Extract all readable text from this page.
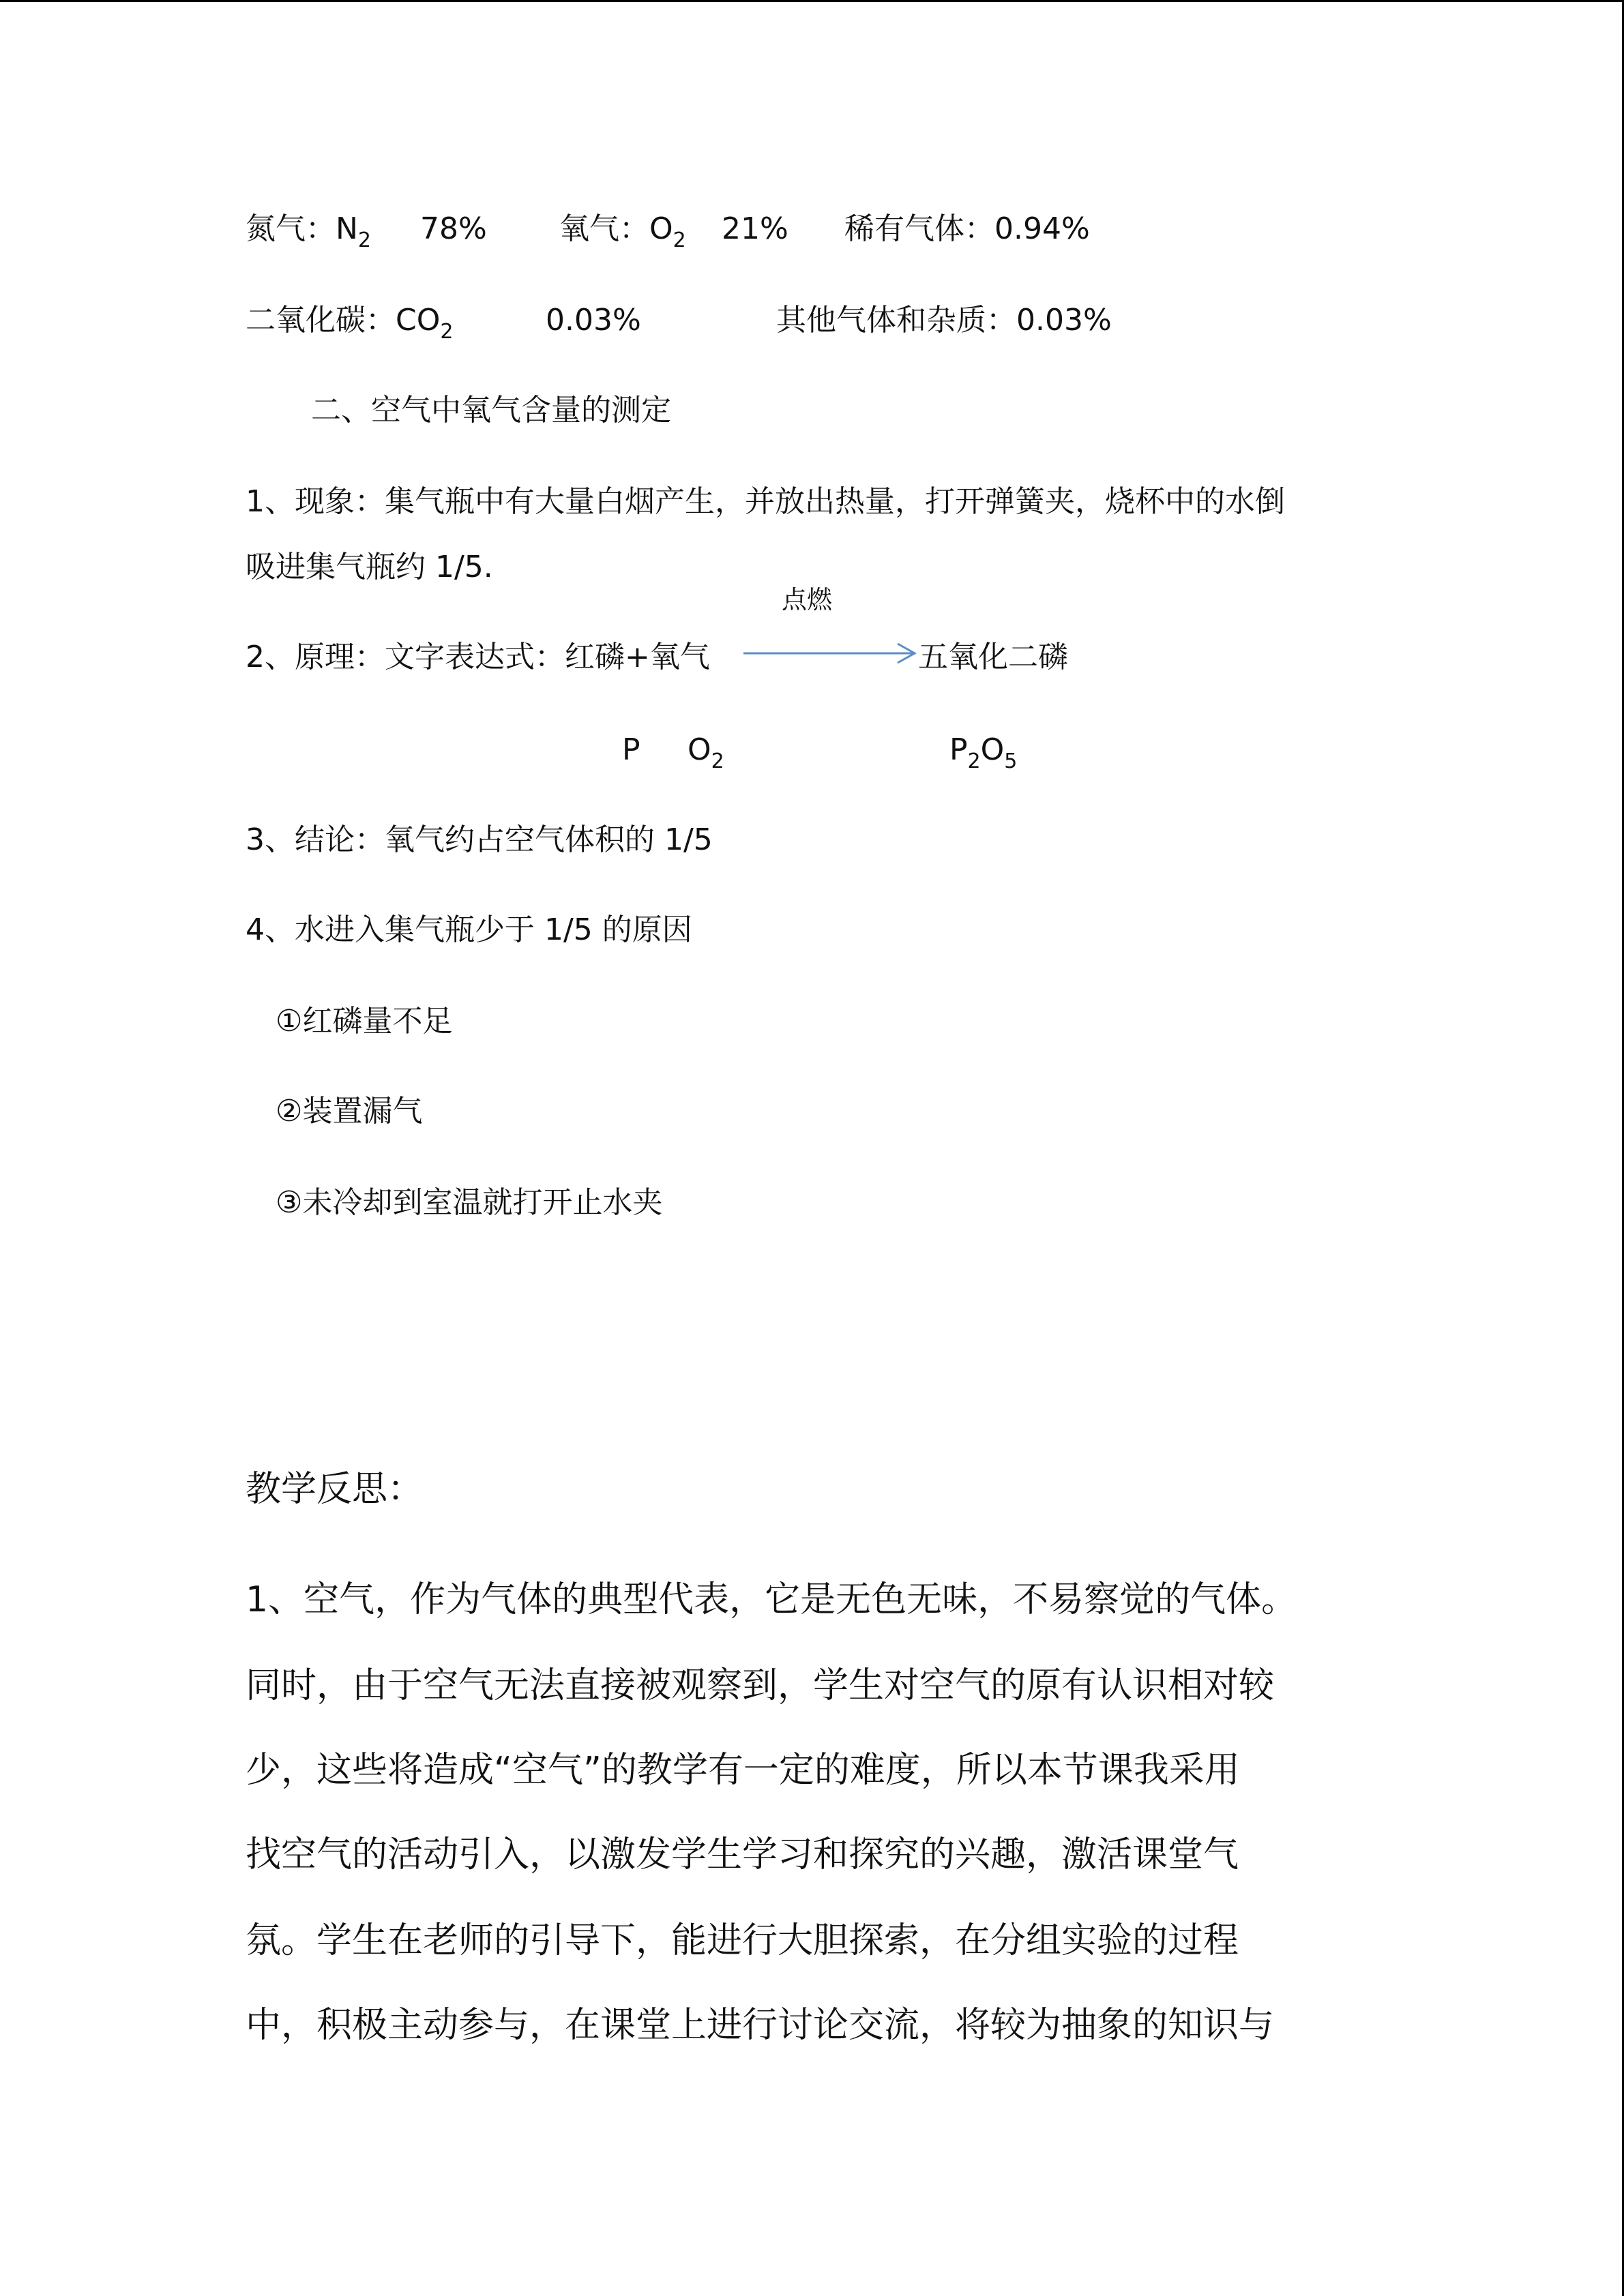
氮气：$N_2$ 78% 氧气：$O_2$ 21% 稀有气体：0.94%
二氧化碳：$CO_2$	0.03%	其他气体和杂质：0.03%
二、空气中氧气含量的测定
1、现象：集气瓶中有大量白烟产生，并放出热量，打开弹簧夹，烧杯中的水倒
吸进集气瓶约 1/5.
点燃
2、原理：文字表达式：红磷+氧气	五氧化二磷
P $O_2$	$P_2O_5$
3、结论：氧气约占空气体积的 1/5
4、水进入集气瓶少于 1/5 的原因
①红磷量不足
②装置漏气
③未冷却到室温就打开止水夹
教学反思：
1、空气，作为气体的典型代表，它是无色无味，不易察觉的气体。
同时，由于空气无法直接被观察到，学生对空气的原有认识相对较
少，这些将造成“空气”的教学有一定的难度，所以本节课我采用
找空气的活动引入，以激发学生学习和探究的兴趣，激活课堂气
氛。学生在老师的引导下，能进行大胆探索，在分组实验的过程
中，积极主动参与，在课堂上进行讨论交流，将较为抽象的知识与
